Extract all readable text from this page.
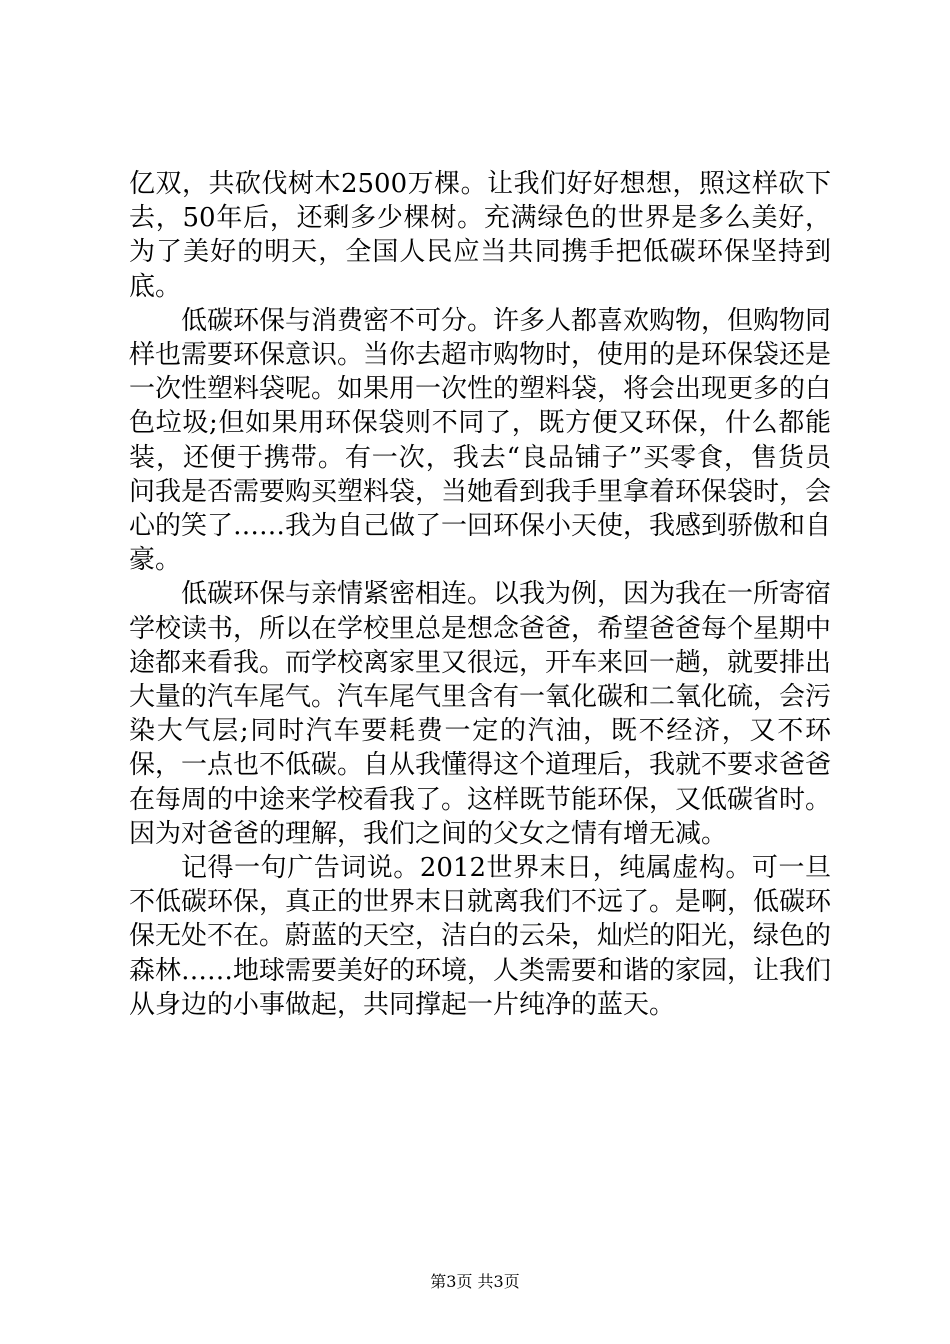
亿双，共砍伐树木2500万棵。让我们好好想想，照这样砍下去，50年后，还剩多少棵树。充满绿色的世界是多么美好，为了美好的明天，全国人民应当共同携手把低碳环保坚持到底。

低碳环保与消费密不可分。许多人都喜欢购物，但购物同样也需要环保意识。当你去超市购物时，使用的是环保袋还是一次性塑料袋呢。如果用一次性的塑料袋，将会出现更多的白色垃圾;但如果用环保袋则不同了，既方便又环保，什么都能装，还便于携带。有一次，我去“良品铺子”买零食，售货员问我是否需要购买塑料袋，当她看到我手里拿着环保袋时，会心的笑了……我为自己做了一回环保小天使，我感到骄傲和自豪。

低碳环保与亲情紧密相连。以我为例，因为我在一所寄宿学校读书，所以在学校里总是想念爸爸，希望爸爸每个星期中途都来看我。而学校离家里又很远，开车来回一趟，就要排出大量的汽车尾气。汽车尾气里含有一氧化碳和二氧化硫，会污染大气层;同时汽车要耗费一定的汽油，既不经济，又不环保，一点也不低碳。自从我懂得这个道理后，我就不要求爸爸在每周的中途来学校看我了。这样既节能环保，又低碳省时。因为对爸爸的理解，我们之间的父女之情有增无减。

记得一句广告词说。2012世界末日，纯属虚构。可一旦不低碳环保，真正的世界末日就离我们不远了。是啊，低碳环保无处不在。蔚蓝的天空，洁白的云朵，灿烂的阳光，绿色的森林……地球需要美好的环境，人类需要和谐的家园，让我们从身边的小事做起，共同撑起一片纯净的蓝天。

第3页 共3页
